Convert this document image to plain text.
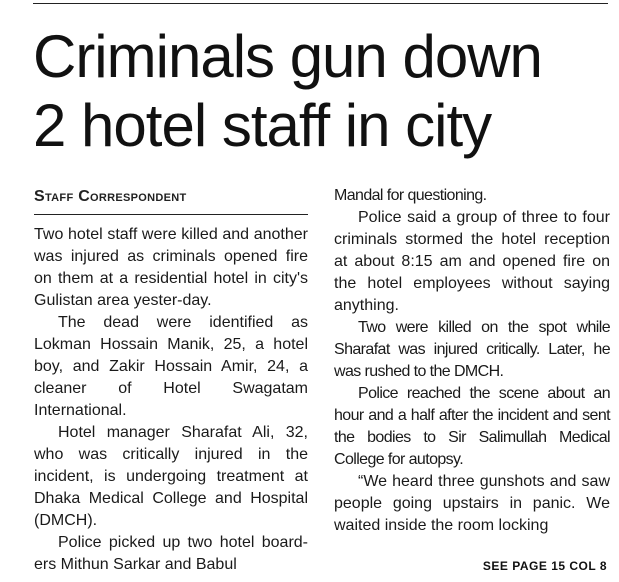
Criminals gun down
2 hotel staff in city
Staff Correspondent

Two hotel staff were killed and another was injured as criminals opened fire on them at a residential hotel in city's Gulistan area yester-day.

The dead were identified as Lokman Hossain Manik, 25, a hotel boy, and Zakir Hossain Amir, 24, a cleaner of Hotel Swagatam International.

Hotel manager Sharafat Ali, 32, who was critically injured in the incident, is undergoing treatment at Dhaka Medical College and Hospital (DMCH).

Police picked up two hotel board-ers Mithun Sarkar and Babul

Mandal for questioning.

Police said a group of three to four criminals stormed the hotel reception at about 8:15 am and opened fire on the hotel employees without saying anything.

Two were killed on the spot while Sharafat was injured critically. Later, he was rushed to the DMCH.

Police reached the scene about an hour and a half after the incident and sent the bodies to Sir Salimullah Medical College for autopsy.

“We heard three gunshots and saw people going upstairs in panic. We waited inside the room locking

SEE PAGE 15 COL 8
